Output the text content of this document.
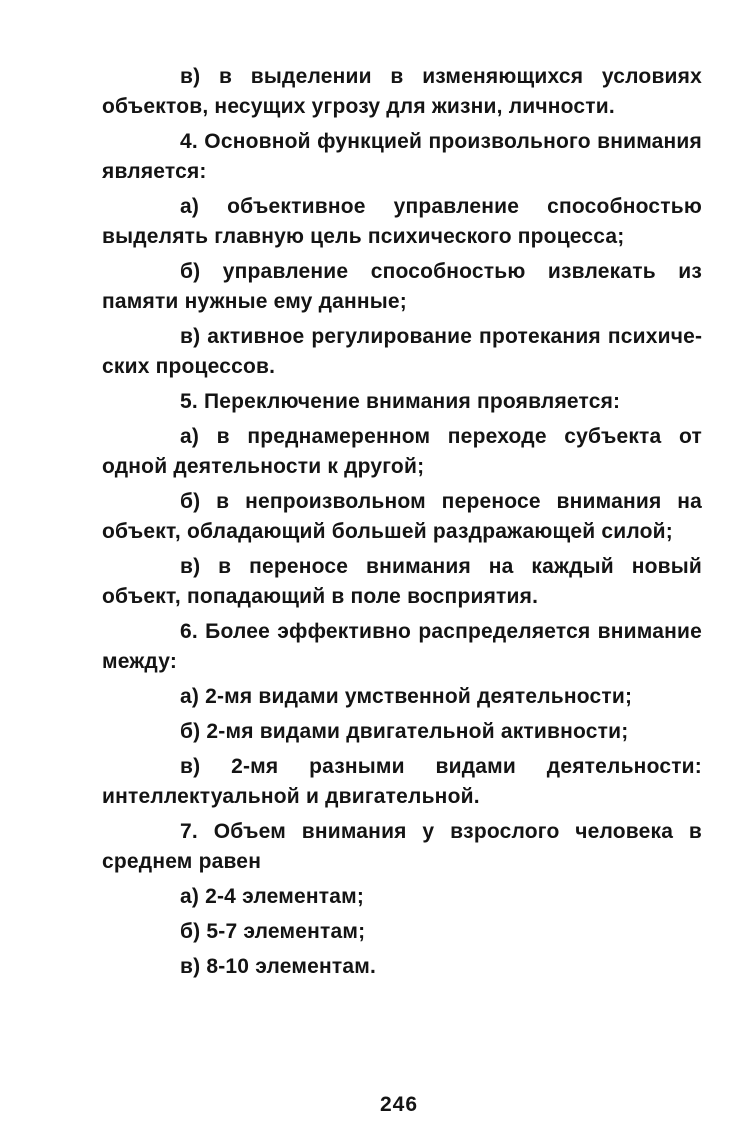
в) в выделении в изменяющихся условиях объектов, несущих угрозу для жизни, личности.

4. Основной функцией произвольного внимания является:

а) объективное управление способностью выделять главную цель психического процесса;

б) управление способностью извлекать из памяти нужные ему данные;

в) активное регулирование протекания психических процессов.

5. Переключение внимания проявляется:

а) в преднамеренном переходе субъекта от одной деятельности к другой;

б) в непроизвольном переносе внимания на объект, обладающий большей раздражающей силой;

в) в переносе внимания на каждый новый объект, попадающий в поле восприятия.

6. Более эффективно распределяется внимание между:

а) 2-мя видами умственной деятельности;

б) 2-мя видами двигательной активности;

в) 2-мя разными видами деятельности: интеллектуальной и двигательной.

7. Объем внимания у взрослого человека в среднем равен

а) 2-4 элементам;

б) 5-7 элементам;

в) 8-10 элементам.

246
